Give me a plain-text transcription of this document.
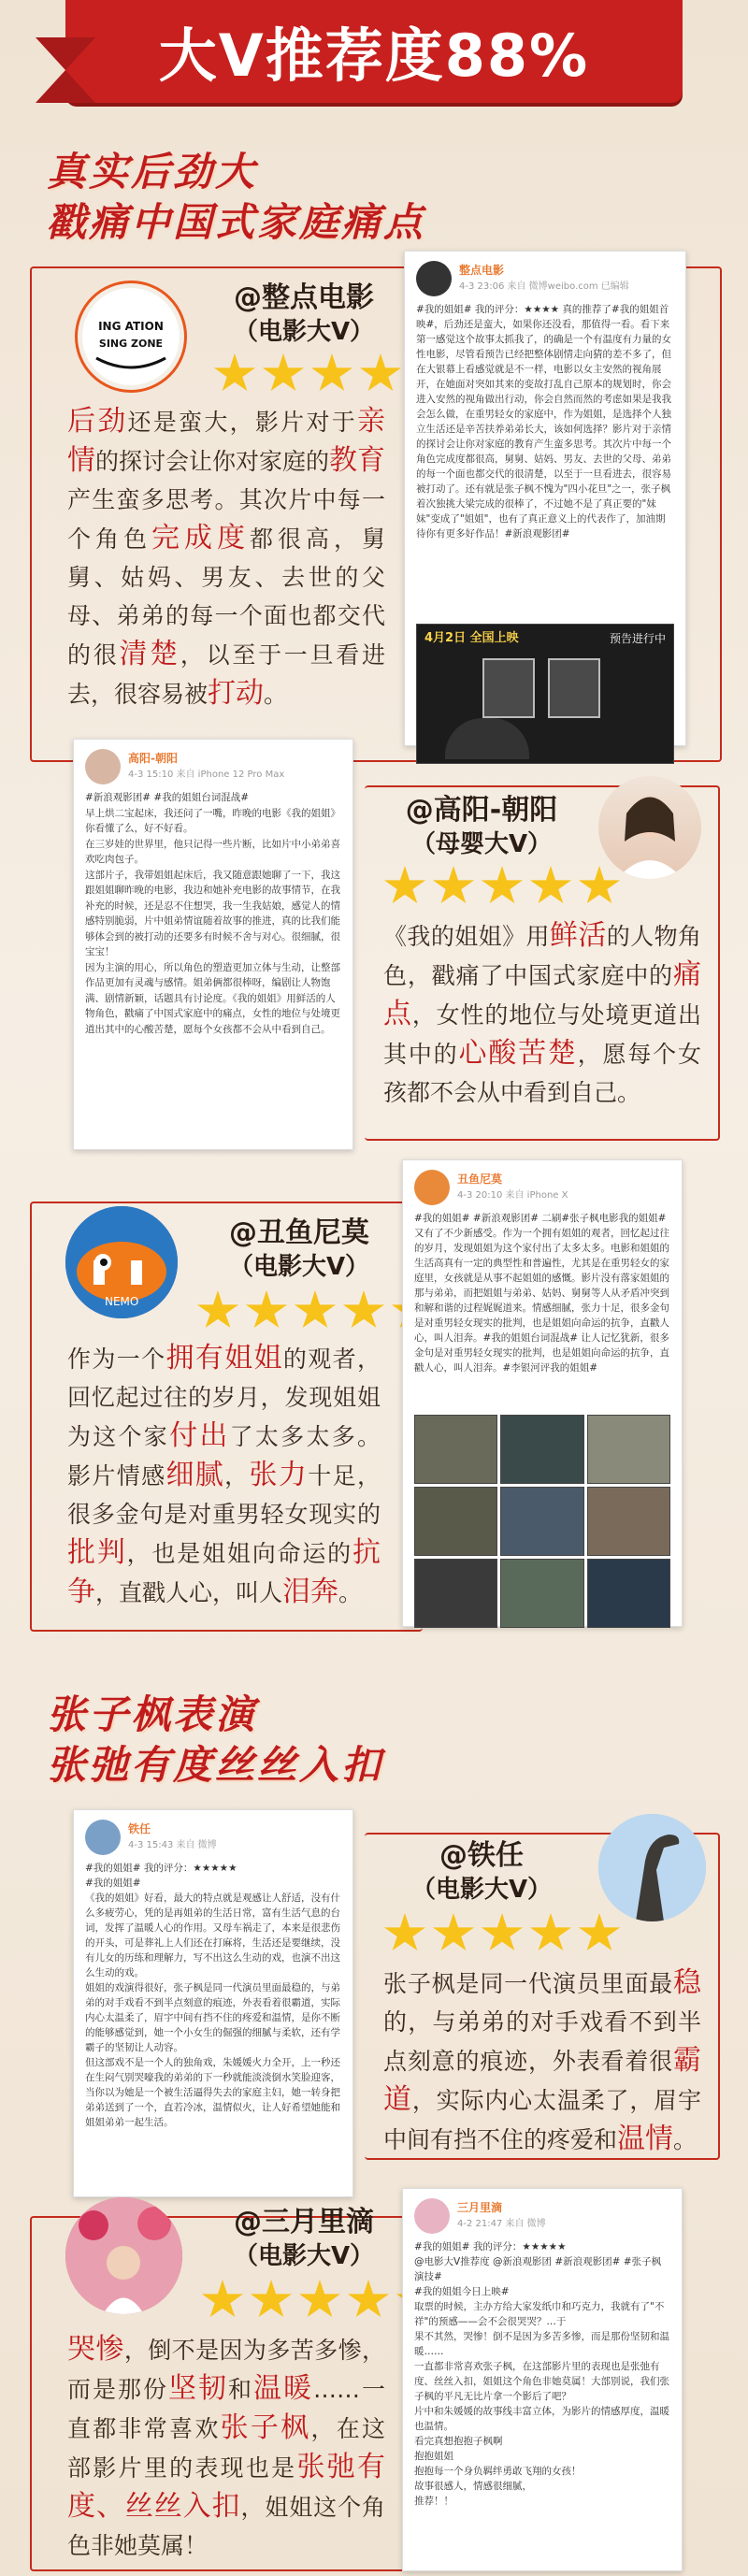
大V推荐度88%
真实后劲大
戳痛中国式家庭痛点
ING ATION
SING ZONE
@整点电影
（电影大V）
后劲还是蛮大，影片对于亲情的探讨会让你对家庭的教育产生蛮多思考。其次片中每一个角色完成度都很高，舅舅、姑妈、男友、去世的父母、弟弟的每一个面也都交代的很清楚，以至于一旦看进去，很容易被打动。
整点电影
4-3 23:06 来自 微博weibo.com 已编辑
#我的姐姐# 我的评分：★★★★ 真的推荐了#我的姐姐首映#，后劲还是蛮大，如果你还没看，那值得一看。看下来第一感觉这个故事太抓我了，的确是一个有温度有力量的女性电影，尽管看预告已经把整体剧情走向猜的差不多了，但在大银幕上看感觉就是不一样，电影以女主安然的视角展开，在她面对突如其来的变故打乱自己原本的规划时，你会进入安然的视角做出行动，你会自然而然的考虑如果是我我会怎么做，在重男轻女的家庭中，作为姐姐，是选择个人独立生活还是辛苦扶养弟弟长大，该如何选择？影片对于亲情的探讨会让你对家庭的教育产生蛮多思考。其次片中每一个角色完成度都很高，舅舅、姑妈、男友、去世的父母、弟弟的每一个面也都交代的很清楚，以至于一旦看进去，很容易被打动了。还有就是张子枫不愧为"四小花旦"之一，张子枫着次独挑大梁完成的很棒了，不过她不是了真正要的"妹妹"变成了"姐姐"，也有了真正意义上的代表作了，加油期待你有更多好作品！#新浪观影团#
4月2日 全国上映	预告进行中
高阳-朝阳
4-3 15:10 来自 iPhone 12 Pro Max
#新浪观影团# #我的姐姐台词混战#
早上烘二宝起床，我还问了一嘴，昨晚的电影《我的姐姐》你看懂了么，好不好看。
在三岁娃的世界里，他只记得一些片断，比如片中小弟弟喜欢吃肉包子。
这部片子，我带姐姐起床后，我又随意跟她聊了一下，我这跟姐姐聊昨晚的电影，我边和她补充电影的故事情节，在我补充的时候，还是忍不住想哭，我一生我姑娘，感觉人的情感特别脆弱，片中姐弟情谊随着故事的推进，真的比我们能够体会到的被打动的还要多有时候不舍与对心。很细腻，很宝宝！
因为主演的用心，所以角色的塑造更加立体与生动，让整部作品更加有灵魂与感情。姐弟俩都很棒呀，编剧让人物饱满、剧情新颖，话题具有讨论度。《我的姐姐》用鲜活的人物角色，戳痛了中国式家庭中的痛点，女性的地位与处境更道出其中的心酸苦楚，愿每个女孩都不会从中看到自己。
@高阳-朝阳
（母婴大V）
《我的姐姐》用鲜活的人物角色，戳痛了中国式家庭中的痛点，女性的地位与处境更道出其中的心酸苦楚，愿每个女孩都不会从中看到自己。
NEMO
@丑鱼尼莫
（电影大V）
作为一个拥有姐姐的观者，回忆起过往的岁月，发现姐姐为这个家付出了太多太多。影片情感细腻，张力十足，很多金句是对重男轻女现实的批判，也是姐姐向命运的抗争，直戳人心，叫人泪奔。
丑鱼尼莫
4-3 20:10 来自 iPhone X
#我的姐姐# #新浪观影团# 二刷#张子枫电影我的姐姐# 又有了不少新感受。作为一个拥有姐姐的观者，回忆起过往的岁月，发现姐姐为这个家付出了太多太多。电影和姐姐的生活高真有一定的典型性和普遍性，尤其是在重男轻女的家庭里，女孩就是从事不起姐姐的感慨。影片没有落家姐姐的那与弟弟，而把姐姐与弟弟、姑妈、舅舅等人从矛盾冲突到和解和谐的过程娓娓道来。情感细腻，张力十足，很多金句是对重男轻女现实的批判，也是姐姐向命运的抗争，直戳人心，叫人泪奔。#我的姐姐台词混战# 让人记忆犹新，很多金句是对重男轻女现实的批判，也是姐姐向命运的抗争，直戳人心，叫人泪奔。#李银河评我的姐姐#
张子枫表演
张弛有度丝丝入扣
铁任
4-3 15:43 来自 微博
#我的姐姐# 我的评分：★★★★★
#我的姐姐#
《我的姐姐》好看，最大的特点就是观感让人舒适，没有什么多疲劳心，凭的是再姐弟的生活日常，富有生活气息的台词，发挥了温暖人心的作用。又母车祸走了，本来是很悲伤的开头，可是葬礼上人们还在打麻将，生活还是要继续，没有儿女的历练和理解力，写不出这么生动的戏，也演不出这么生动的戏。
姐姐的戏演得很好，张子枫是同一代演员里面最稳的，与弟弟的对手戏看不到半点刻意的痕迹，外表看着很霸道，实际内心太温柔了，眉宇中间有挡不住的疼爱和温情，是你不断的能够感觉到，她一个小女生的倔强的细腻与柔软，还有学霸子的坚韧让人动容。
但这部戏不是一个人的独角戏，朱媛媛火力全开，上一秒还在生闷气别哭嚎我的弟弟的下一秒就能淡淡倒水笑脸迎客，当你以为她是一个被生活逼得失去的家庭主妇，她一转身把弟弟送到了一个，直若冷冰，温情似火，让人好希望她能和姐姐弟弟一起生活。
@铁任
（电影大V）
张子枫是同一代演员里面最稳的，与弟弟的对手戏看不到半点刻意的痕迹，外表看着很霸道，实际内心太温柔了，眉宇中间有挡不住的疼爱和温情。
@三月里滴
（电影大V）
哭惨，倒不是因为多苦多惨，而是那份坚韧和温暖……一直都非常喜欢张子枫，在这部影片里的表现也是张弛有度、丝丝入扣，姐姐这个角色非她莫属！
三月里滴
4-2 21:47 来自 微博
#我的姐姐# 我的评分：★★★★★
@电影大V推荐度 @新浪观影团 #新浪观影团# #张子枫演技#
#我的姐姐今日上映#
取票的时候，主办方给大家发纸巾和巧克力，我就有了"不祥"的预感——会不会很哭哭？…于
果不其然，哭惨！倒不是因为多苦多惨，而是那份坚韧和温暖……
一直都非常喜欢张子枫，在这部影片里的表现也是张弛有度、丝丝入扣，姐姐这个角色非她莫属！大部别说，我们张子枫的平凡无比片拿一个影后了吧？
片中和朱媛媛的故事线丰富立体，为影片的情感厚度，温暖也温情。
看完真想抱抱子枫啊
抱抱姐姐
抱抱每一个身负羁绊勇敢飞翔的女孩！
故事很感人，情感很细腻，
推荐！！
